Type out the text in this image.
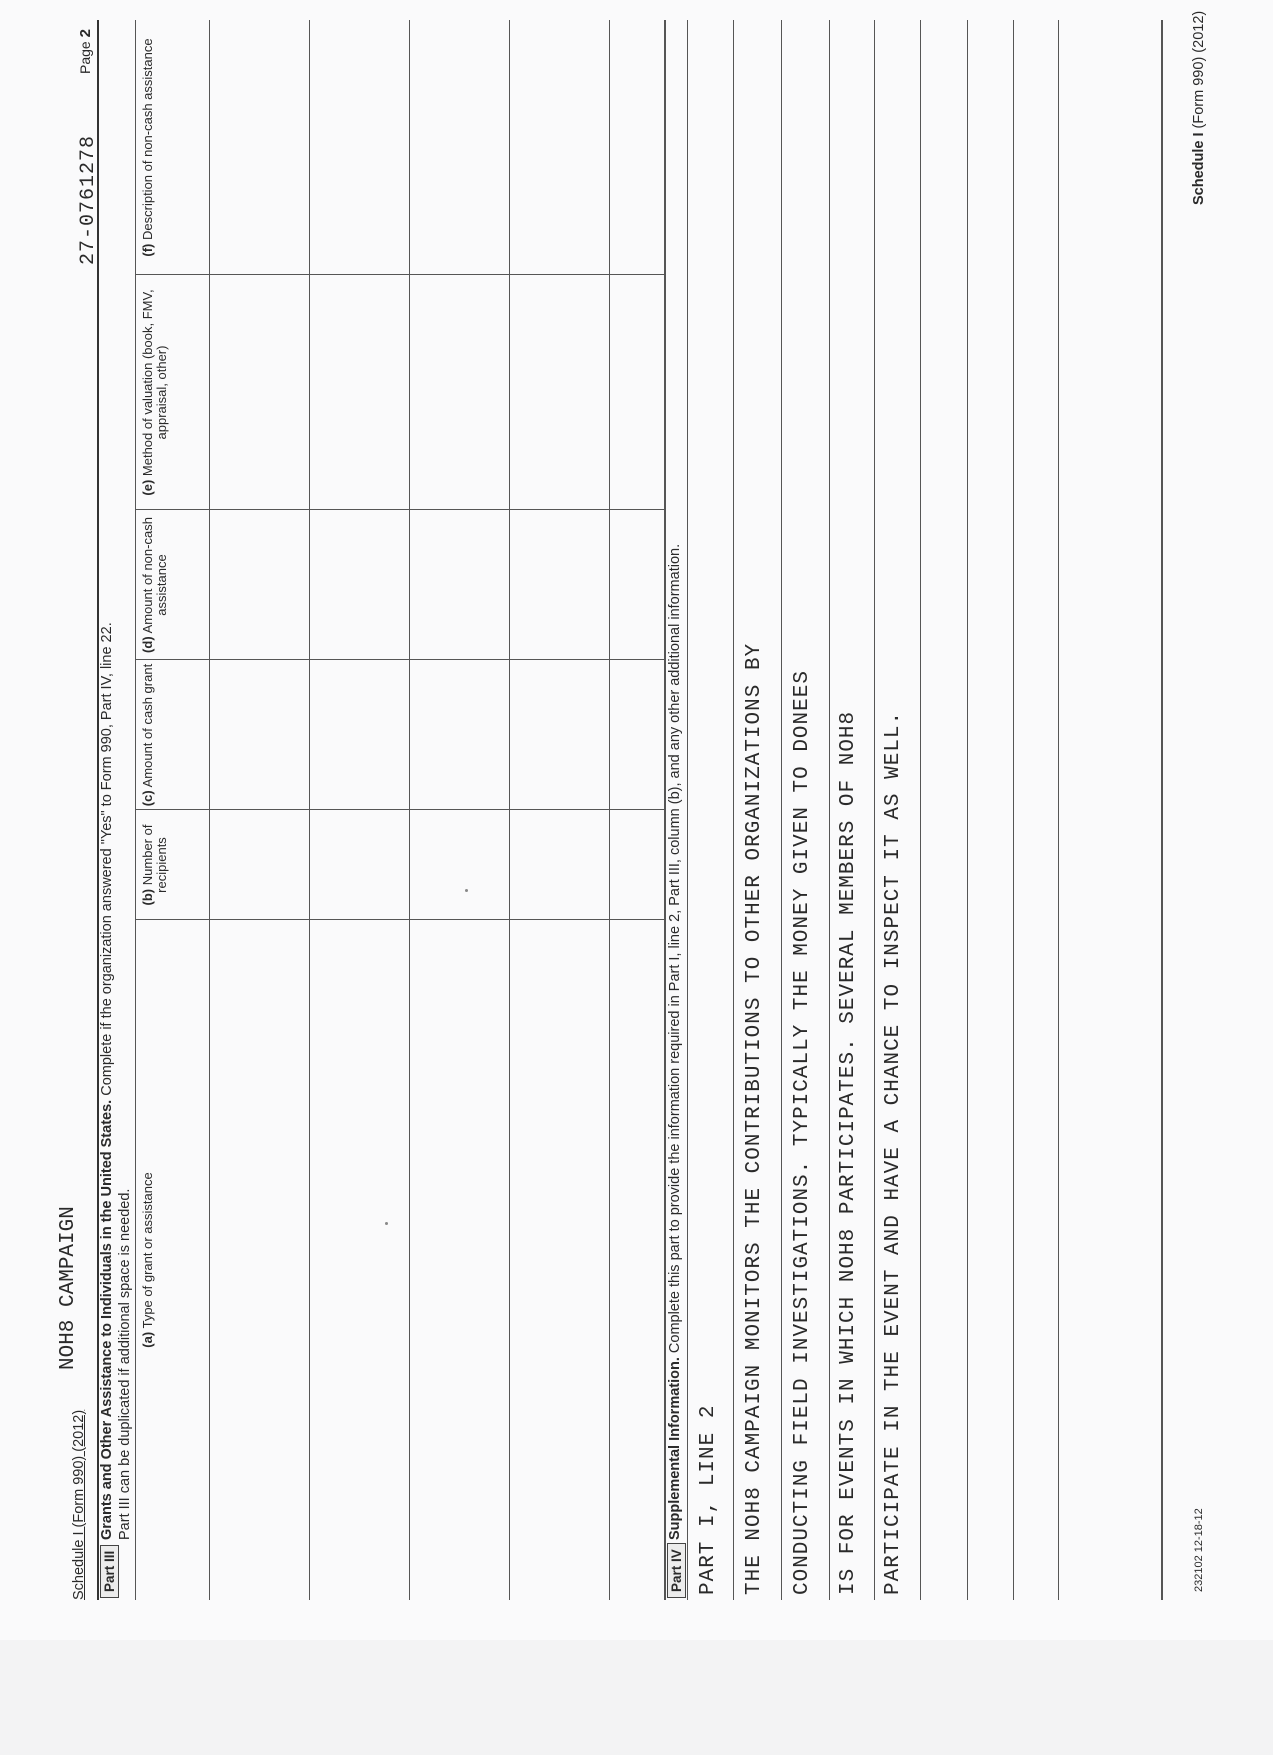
Schedule I (Form 990) (2012)
NOH8 CAMPAIGN
27-0761278
Page 2
Part III
Grants and Other Assistance to Individuals in the United States. Complete if the organization answered "Yes" to Form 990, Part IV, line 22.
Part III can be duplicated if additional space is needed. (a) Type of grant or assistance
(b) Number of recipients
(c) Amount of cash grant
(d) Amount of non-cash assistance
(e) Method of valuation (book, FMV, appraisal, other)
(f) Description of non-cash assistance
Part IV
Supplemental Information. Complete this part to provide the information required in Part I, line 2, Part III, column (b), and any other additional information.
PART I, LINE 2 THE NOH8 CAMPAIGN MONITORS THE CONTRIBUTIONS TO OTHER ORGANIZATIONS BY CONDUCTING FIELD INVESTIGATIONS. TYPICALLY THE MONEY GIVEN TO DONEES IS FOR EVENTS IN WHICH NOH8 PARTICIPATES. SEVERAL MEMBERS OF NOH8 PARTICIPATE IN THE EVENT AND HAVE A CHANCE TO INSPECT IT AS WELL.	232102 12-18-12
Schedule I (Form 990) (2012)
